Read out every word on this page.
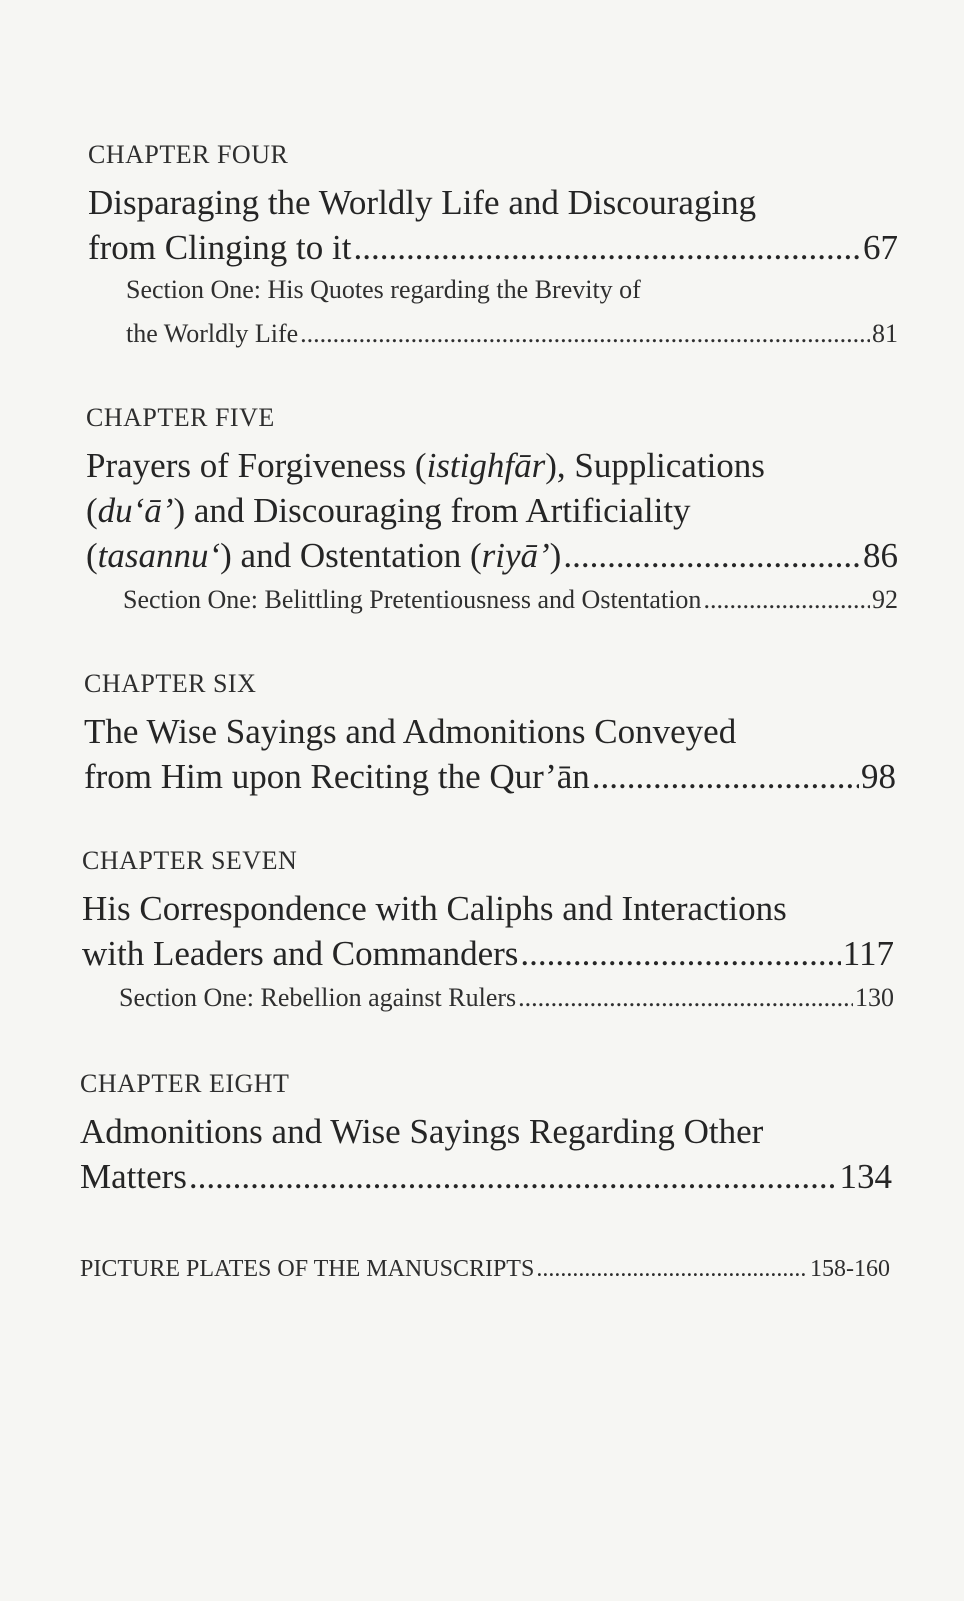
CHAPTER FOUR
Disparaging the Worldly Life and Discouraging
from Clinging to it .....	67
Section One: His Quotes regarding the Brevity of
the Worldly Life .....	81
CHAPTER FIVE
Prayers of Forgiveness (istighfār), Supplications
(du‘ā’) and Discouraging from Artificiality
(tasannu‘) and Ostentation (riyā’) .....	86
Section One: Belittling Pretentiousness and Ostentation .....	92
CHAPTER SIX
The Wise Sayings and Admonitions Conveyed
from Him upon Reciting the Qur’ān .....	98
CHAPTER SEVEN
His Correspondence with Caliphs and Interactions
with Leaders and Commanders .....	117
Section One: Rebellion against Rulers .....	130
CHAPTER EIGHT
Admonitions and Wise Sayings Regarding Other
Matters .....	134
PICTURE PLATES OF THE MANUSCRIPTS .....	158-160
